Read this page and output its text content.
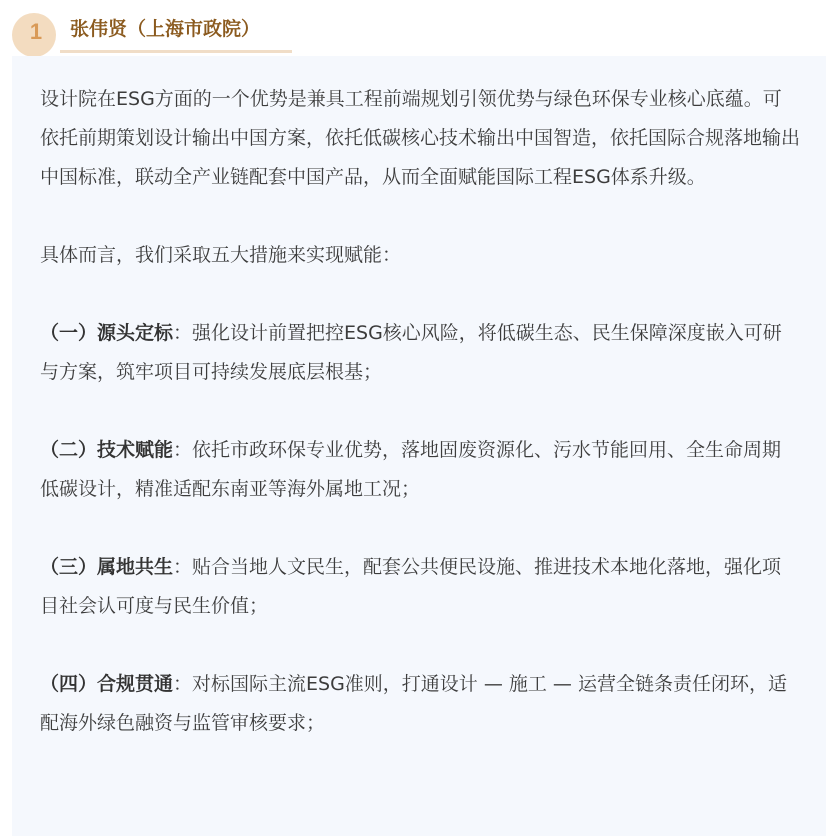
1 张伟贤（上海市政院）

设计院在ESG方面的一个优势是兼具工程前端规划引领优势与绿色环保专业核心底蕴。可依托前期策划设计输出中国方案，依托低碳核心技术输出中国智造，依托国际合规落地输出中国标准，联动全产业链配套中国产品，从而全面赋能国际工程ESG体系升级。

具体而言，我们采取五大措施来实现赋能：

（一）源头定标：强化设计前置把控ESG核心风险，将低碳生态、民生保障深度嵌入可研与方案，筑牢项目可持续发展底层根基；

（二）技术赋能：依托市政环保专业优势，落地固废资源化、污水节能回用、全生命周期低碳设计，精准适配东南亚等海外属地工况；

（三）属地共生：贴合当地人文民生，配套公共便民设施、推进技术本地化落地，强化项目社会认可度与民生价值；

（四）合规贯通：对标国际主流ESG准则，打通设计 — 施工 — 运营全链条责任闭环，适配海外绿色融资与监管审核要求；
